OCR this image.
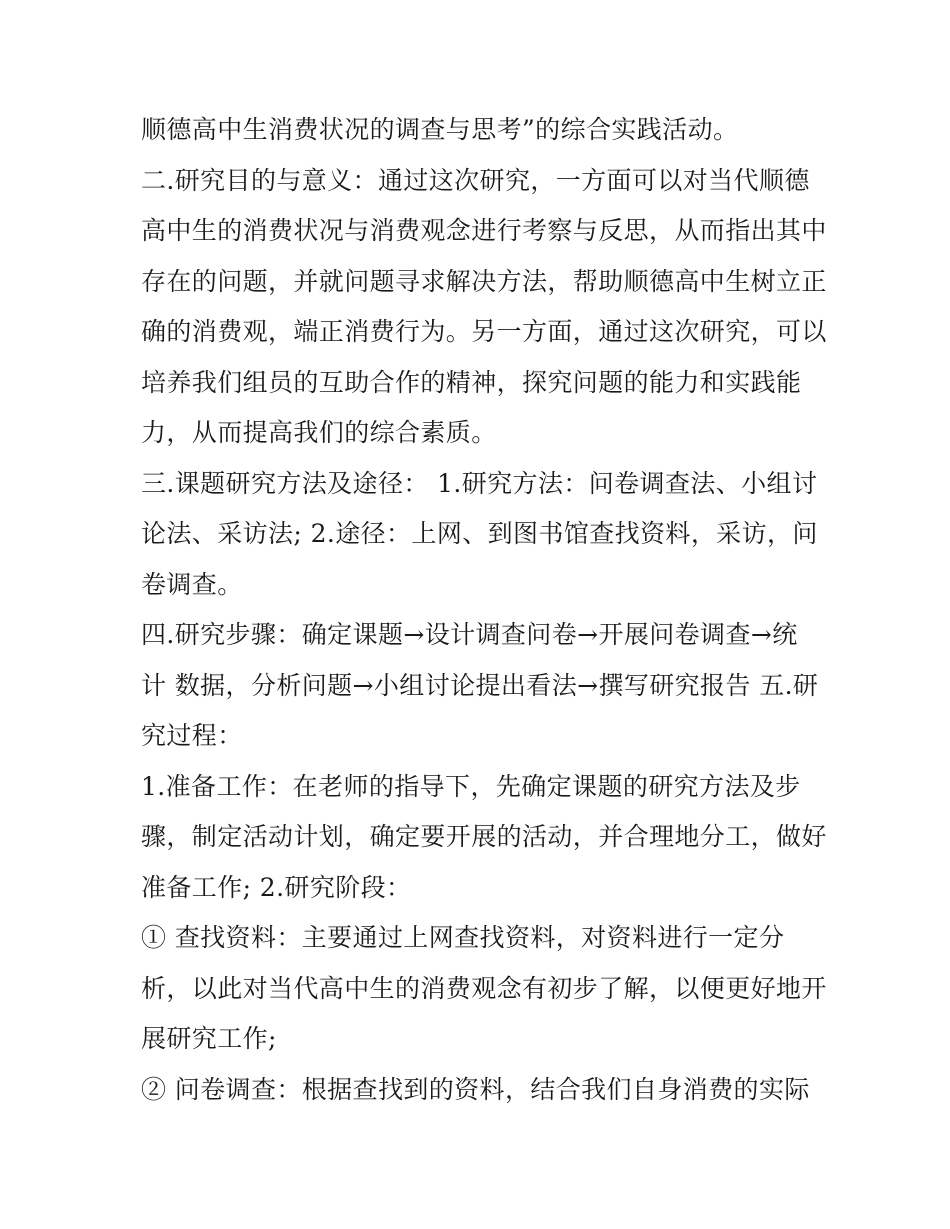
顺德高中生消费状况的调查与思考”的综合实践活动。
二.研究目的与意义：通过这次研究，一方面可以对当代顺德
高中生的消费状况与消费观念进行考察与反思，从而指出其中
存在的问题，并就问题寻求解决方法，帮助顺德高中生树立正
确的消费观，端正消费行为。另一方面，通过这次研究，可以
培养我们组员的互助合作的精神，探究问题的能力和实践能
力，从而提高我们的综合素质。
三.课题研究方法及途径： 1.研究方法：问卷调查法、小组讨
论法、采访法; 2.途径：上网、到图书馆查找资料，采访，问
卷调查。
四.研究步骤：确定课题→设计调查问卷→开展问卷调查→统
计 数据，分析问题→小组讨论提出看法→撰写研究报告 五.研
究过程：
1.准备工作：在老师的指导下，先确定课题的研究方法及步
骤，制定活动计划，确定要开展的活动，并合理地分工，做好
准备工作; 2.研究阶段：
① 查找资料：主要通过上网查找资料，对资料进行一定分
析，以此对当代高中生的消费观念有初步了解，以便更好地开
展研究工作;
② 问卷调查：根据查找到的资料，结合我们自身消费的实际
